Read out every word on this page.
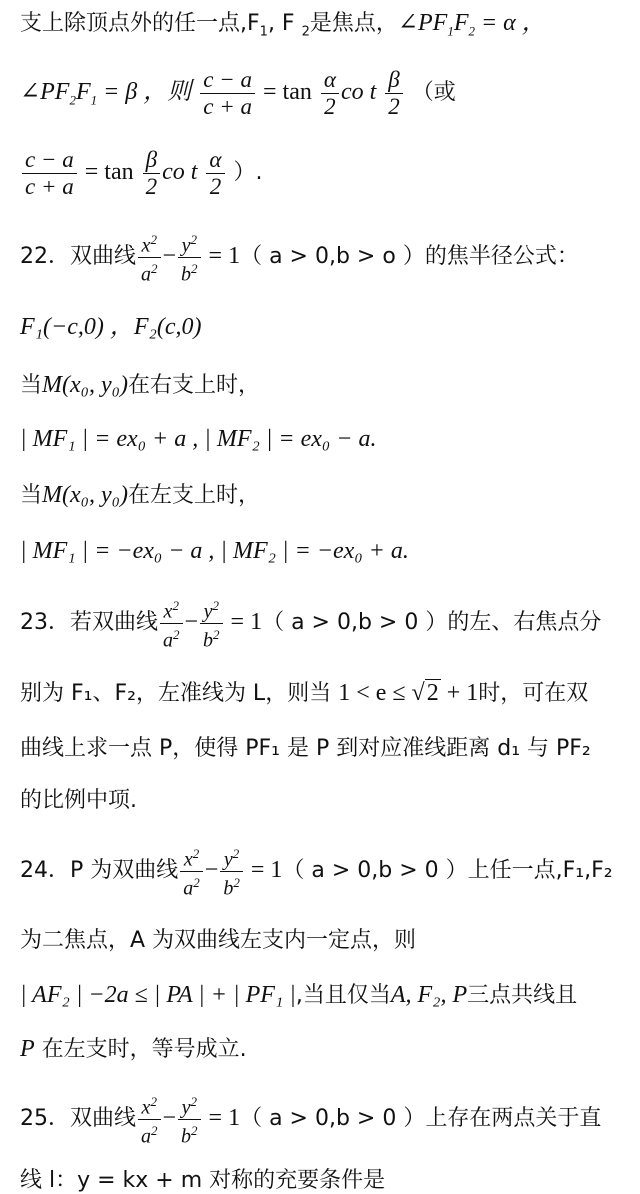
支上除顶点外的任一点$,F_1$, F $_2$是焦点，$\angle PF_1F_2 = \alpha$ ，
$\angle PF_2F_1 = \beta$ ，则 $\frac{c - a}{c + a} = \tan \frac{\alpha}{2}$ co t $\frac{\beta}{2}$ （或
$\frac{c - a}{c + a} = \tan \frac{\beta}{2}$ co t $\frac{\alpha}{2}$ ）.
22．双曲线 $\frac{x^2}{a^2} - \frac{y^2}{b^2} = 1$（ a > 0,b > o ）的焦半径公式：
F₁(−c,0) ，F₂(c,0)
当M(x₀, y₀)在右支上时，
| MF₁ | = ex₀ + a , | MF₂ | = ex₀ − a.
当M(x₀, y₀)在左支上时，
| MF₁ | = −ex₀ − a , | MF₂ | = −ex₀ + a.
23．若双曲线 $\frac{x^2}{a^2} - \frac{y^2}{b^2} = 1$（ a > 0,b > 0 ）的左、右焦点分
别为 F₁、F₂，左准线为 L，则当 1 < e ≤ √2 + 1时，可在双
曲线上求一点 P，使得 PF₁ 是 P 到对应准线距离 d₁ 与 PF₂
的比例中项.
24．P 为双曲线 $\frac{x^2}{a^2} - \frac{y^2}{b^2} = 1$（ a > 0,b > 0 ）上任一点,F₁,F₂
为二焦点，A 为双曲线左支内一定点，则
| AF₂ | −2a ≤ | PA | + | PF₁ |,当且仅当A, F₂, P三点共线且
P 在左支时，等号成立.
25．双曲线 $\frac{x^2}{a^2} - \frac{y^2}{b^2} = 1$（ a > 0,b > 0 ）上存在两点关于直
线 l：y = kx + m 对称的充要条件是
